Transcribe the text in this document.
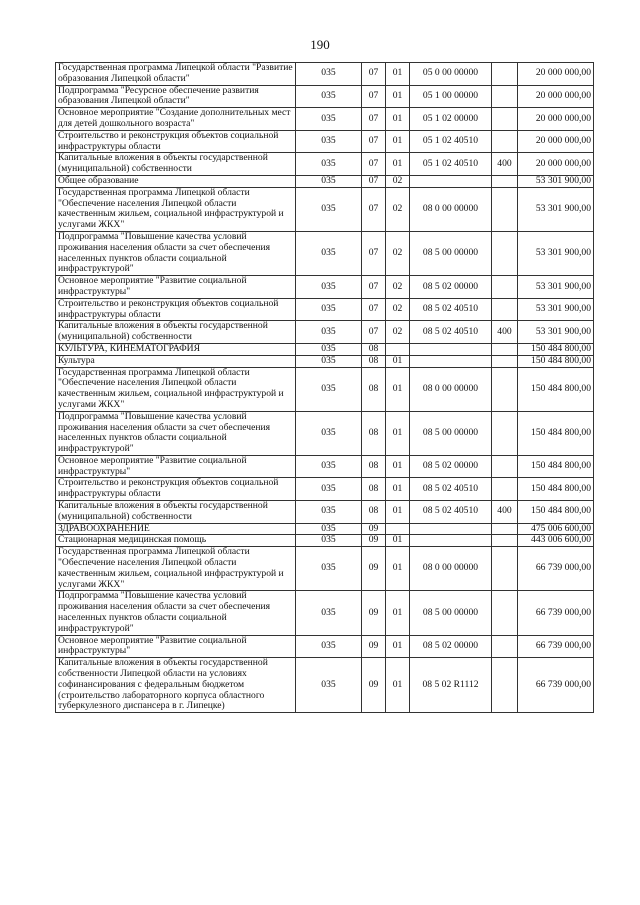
190
Государственная программа Липецкой области "Развитие образования Липецкой области"	035	07	01	05 0 00 00000		20 000 000,00
Подпрограмма "Ресурсное обеспечение развития образования Липецкой области"	035	07	01	05 1 00 00000		20 000 000,00
Основное мероприятие "Создание дополнительных мест для детей дошкольного возраста"	035	07	01	05 1 02 00000		20 000 000,00
Строительство и реконструкция объектов социальной инфраструктуры области	035	07	01	05 1 02 40510		20 000 000,00
Капитальные вложения в объекты государственной (муниципальной) собственности	035	07	01	05 1 02 40510	400	20 000 000,00
Общее образование	035	07	02			53 301 900,00
Государственная программа Липецкой области "Обеспечение населения Липецкой области качественным жильем, социальной инфраструктурой и услугами ЖКХ"	035	07	02	08 0 00 00000		53 301 900,00
Подпрограмма "Повышение качества условий проживания населения области за счет обеспечения населенных пунктов области социальной инфраструктурой"	035	07	02	08 5 00 00000		53 301 900,00
Основное мероприятие "Развитие социальной инфраструктуры"	035	07	02	08 5 02 00000		53 301 900,00
Строительство и реконструкция объектов социальной инфраструктуры области	035	07	02	08 5 02 40510		53 301 900,00
Капитальные вложения в объекты государственной (муниципальной) собственности	035	07	02	08 5 02 40510	400	53 301 900,00
КУЛЬТУРА, КИНЕМАТОГРАФИЯ	035	08				150 484 800,00
Культура	035	08	01			150 484 800,00
Государственная программа Липецкой области "Обеспечение населения Липецкой области качественным жильем, социальной инфраструктурой и услугами ЖКХ"	035	08	01	08 0 00 00000		150 484 800,00
Подпрограмма "Повышение качества условий проживания населения области за счет обеспечения населенных пунктов области социальной инфраструктурой"	035	08	01	08 5 00 00000		150 484 800,00
Основное мероприятие "Развитие социальной инфраструктуры"	035	08	01	08 5 02 00000		150 484 800,00
Строительство и реконструкция объектов социальной инфраструктуры области	035	08	01	08 5 02 40510		150 484 800,00
Капитальные вложения в объекты государственной (муниципальной) собственности	035	08	01	08 5 02 40510	400	150 484 800,00
ЗДРАВООХРАНЕНИЕ	035	09				475 006 600,00
Стационарная медицинская помощь	035	09	01			443 006 600,00
Государственная программа Липецкой области "Обеспечение населения Липецкой области качественным жильем, социальной инфраструктурой и услугами ЖКХ"	035	09	01	08 0 00 00000		66 739 000,00
Подпрограмма "Повышение качества условий проживания населения области за счет обеспечения населенных пунктов области социальной инфраструктурой"	035	09	01	08 5 00 00000		66 739 000,00
Основное мероприятие "Развитие социальной инфраструктуры"	035	09	01	08 5 02 00000		66 739 000,00
Капитальные вложения в объекты государственной собственности Липецкой области на условиях софинансирования с федеральным бюджетом (строительство лабораторного корпуса областного туберкулезного диспансера в г. Липецке)	035	09	01	08 5 02 R1112		66 739 000,00
